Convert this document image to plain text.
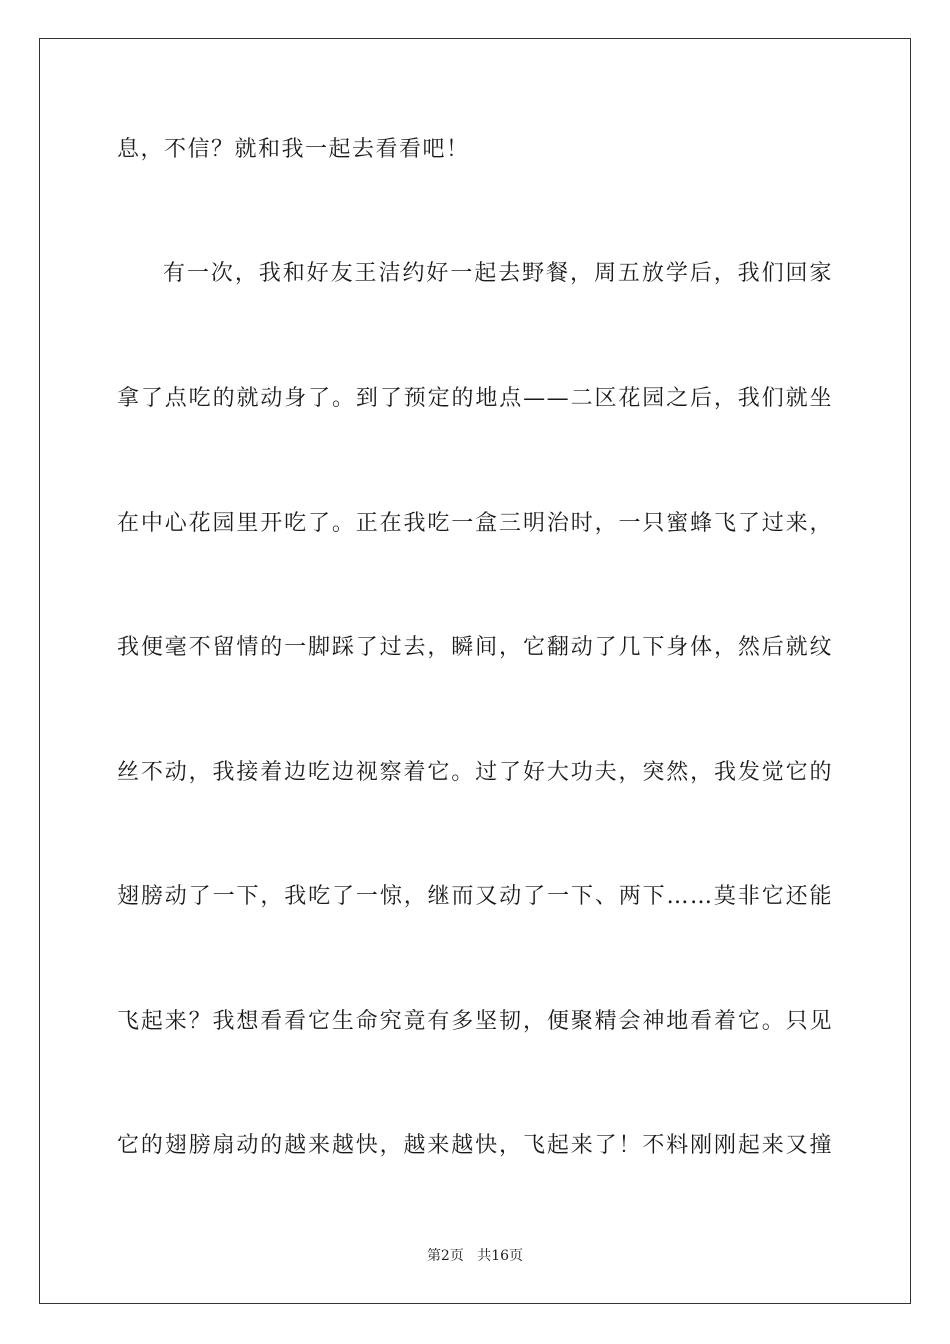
息，不信？就和我一起去看看吧！
有一次，我和好友王洁约好一起去野餐，周五放学后，我们回家
拿了点吃的就动身了。到了预定的地点——二区花园之后，我们就坐
在中心花园里开吃了。正在我吃一盒三明治时，一只蜜蜂飞了过来，
我便毫不留情的一脚踩了过去，瞬间，它翻动了几下身体，然后就纹
丝不动，我接着边吃边视察着它。过了好大功夫，突然，我发觉它的
翅膀动了一下，我吃了一惊，继而又动了一下、两下……莫非它还能
飞起来？我想看看它生命究竟有多坚韧，便聚精会神地看着它。只见
它的翅膀扇动的越来越快，越来越快，飞起来了！不料刚刚起来又撞
第2页 共16页
